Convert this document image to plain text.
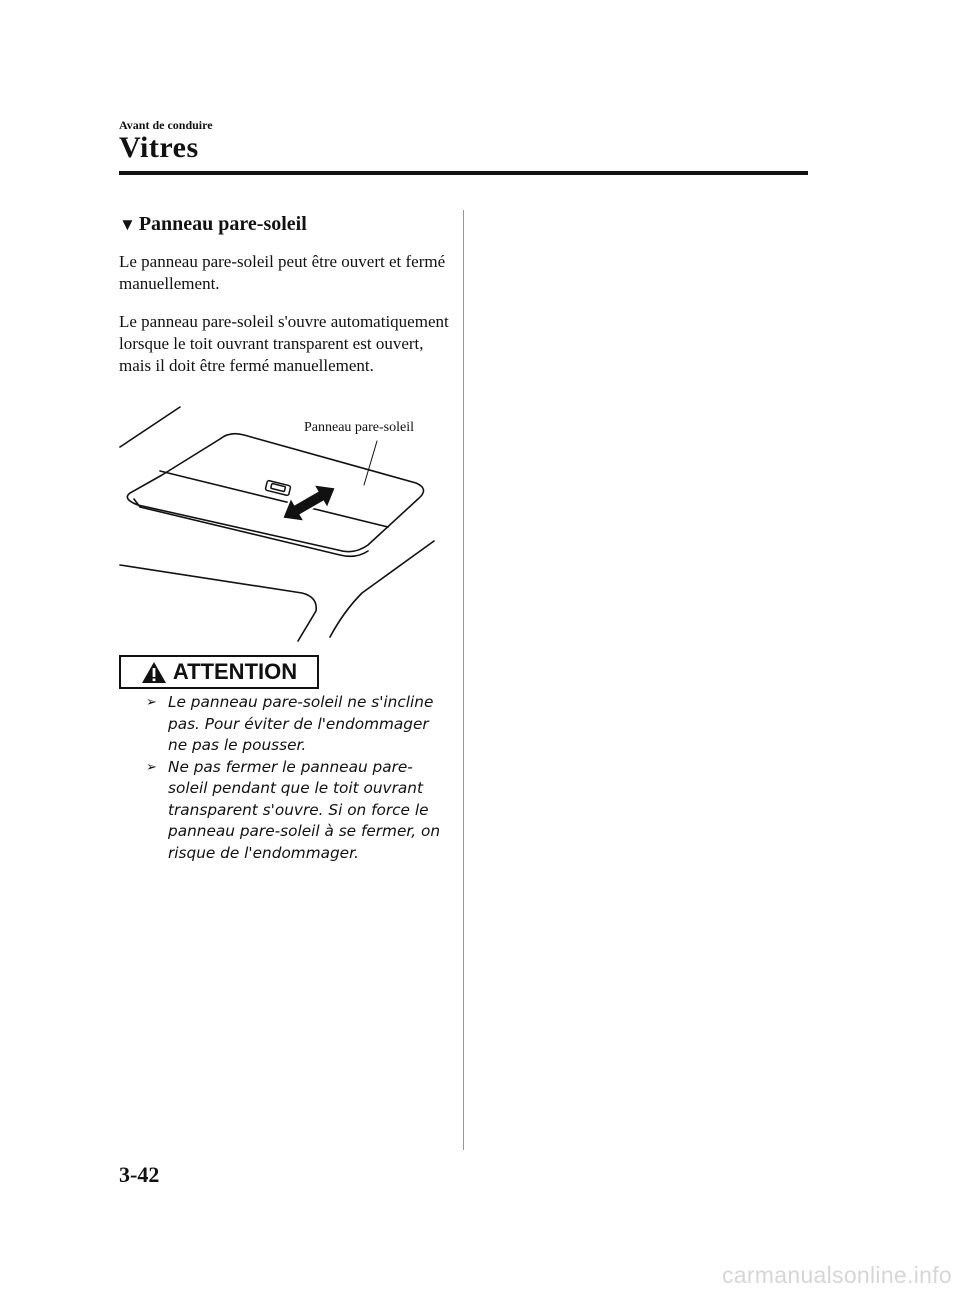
Avant de conduire
Vitres
▼ Panneau pare-soleil
Le panneau pare-soleil peut être ouvert et fermé manuellement.
Le panneau pare-soleil s'ouvre automatiquement lorsque le toit ouvrant transparent est ouvert, mais il doit être fermé manuellement.
Panneau pare-soleil
ATTENTION
➢ Le panneau pare-soleil ne s'incline pas. Pour éviter de l'endommager ne pas le pousser.
➢ Ne pas fermer le panneau pare-soleil pendant que le toit ouvrant transparent s'ouvre. Si on force le panneau pare-soleil à se fermer, on risque de l'endommager.
3-42
carmanualsonline.info
